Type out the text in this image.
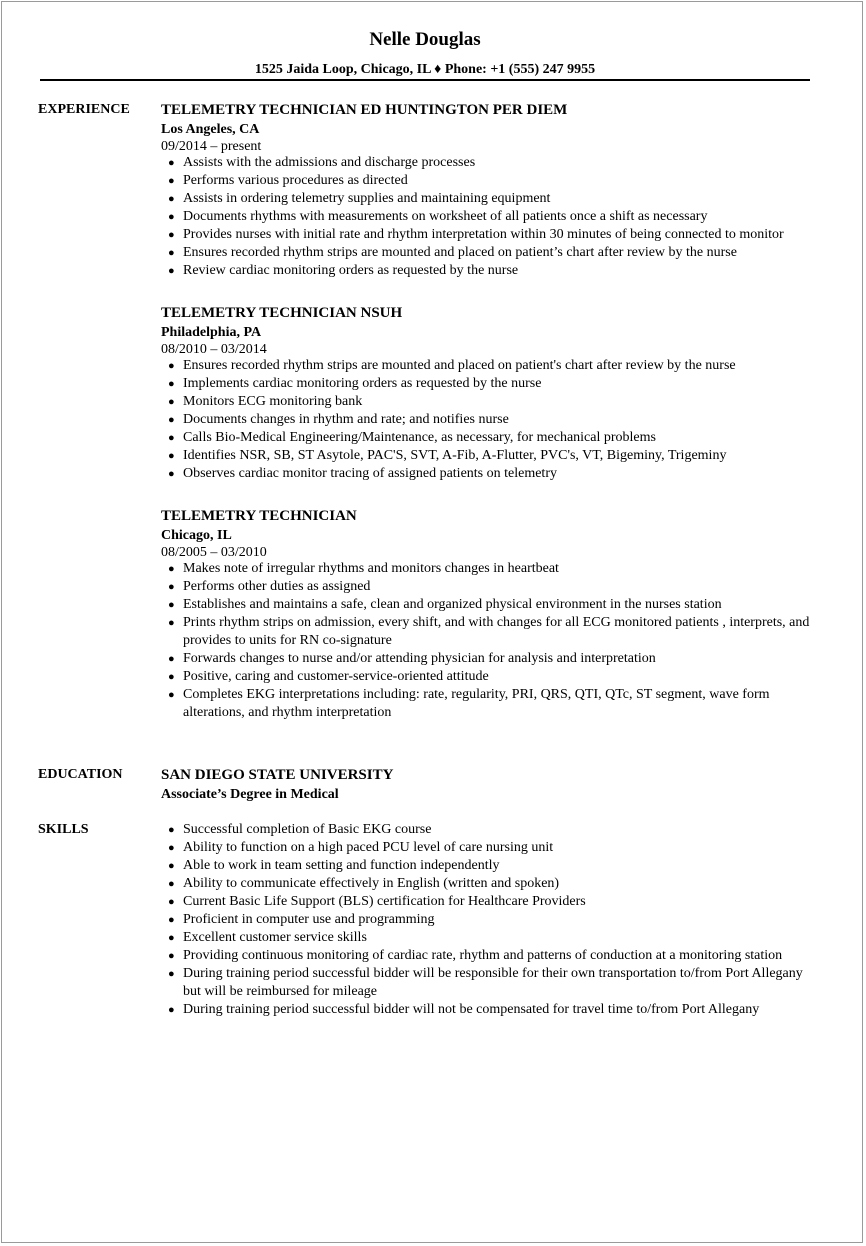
Nelle Douglas
1525 Jaida Loop, Chicago, IL ♦ Phone: +1 (555) 247 9955
EXPERIENCE	TELEMETRY TECHNICIAN ED HUNTINGTON PER DIEM
Los Angeles, CA
09/2014 – present
● Assists with the admissions and discharge processes
● Performs various procedures as directed
● Assists in ordering telemetry supplies and maintaining equipment
● Documents rhythms with measurements on worksheet of all patients once a shift as necessary
● Provides nurses with initial rate and rhythm interpretation within 30 minutes of being connected to monitor
● Ensures recorded rhythm strips are mounted and placed on patient’s chart after review by the nurse
● Review cardiac monitoring orders as requested by the nurse
TELEMETRY TECHNICIAN NSUH
Philadelphia, PA
08/2010 – 03/2014
● Ensures recorded rhythm strips are mounted and placed on patient's chart after review by the nurse
● Implements cardiac monitoring orders as requested by the nurse
● Monitors ECG monitoring bank
● Documents changes in rhythm and rate; and notifies nurse
● Calls Bio-Medical Engineering/Maintenance, as necessary, for mechanical problems
● Identifies NSR, SB, ST Asytole, PAC'S, SVT, A-Fib, A-Flutter, PVC's, VT, Bigeminy, Trigeminy
● Observes cardiac monitor tracing of assigned patients on telemetry
TELEMETRY TECHNICIAN
Chicago, IL
08/2005 – 03/2010
● Makes note of irregular rhythms and monitors changes in heartbeat
● Performs other duties as assigned
● Establishes and maintains a safe, clean and organized physical environment in the nurses station
● Prints rhythm strips on admission, every shift, and with changes for all ECG monitored patients , interprets, and provides to units for RN co-signature
● Forwards changes to nurse and/or attending physician for analysis and interpretation
● Positive, caring and customer-service-oriented attitude
● Completes EKG interpretations including: rate, regularity, PRI, QRS, QTI, QTc, ST segment, wave form alterations, and rhythm interpretation
EDUCATION	SAN DIEGO STATE UNIVERSITY
Associate’s Degree in Medical
SKILLS	● Successful completion of Basic EKG course
● Ability to function on a high paced PCU level of care nursing unit
● Able to work in team setting and function independently
● Ability to communicate effectively in English (written and spoken)
● Current Basic Life Support (BLS) certification for Healthcare Providers
● Proficient in computer use and programming
● Excellent customer service skills
● Providing continuous monitoring of cardiac rate, rhythm and patterns of conduction at a monitoring station
● During training period successful bidder will be responsible for their own transportation to/from Port Allegany but will be reimbursed for mileage
● During training period successful bidder will not be compensated for travel time to/from Port Allegany
